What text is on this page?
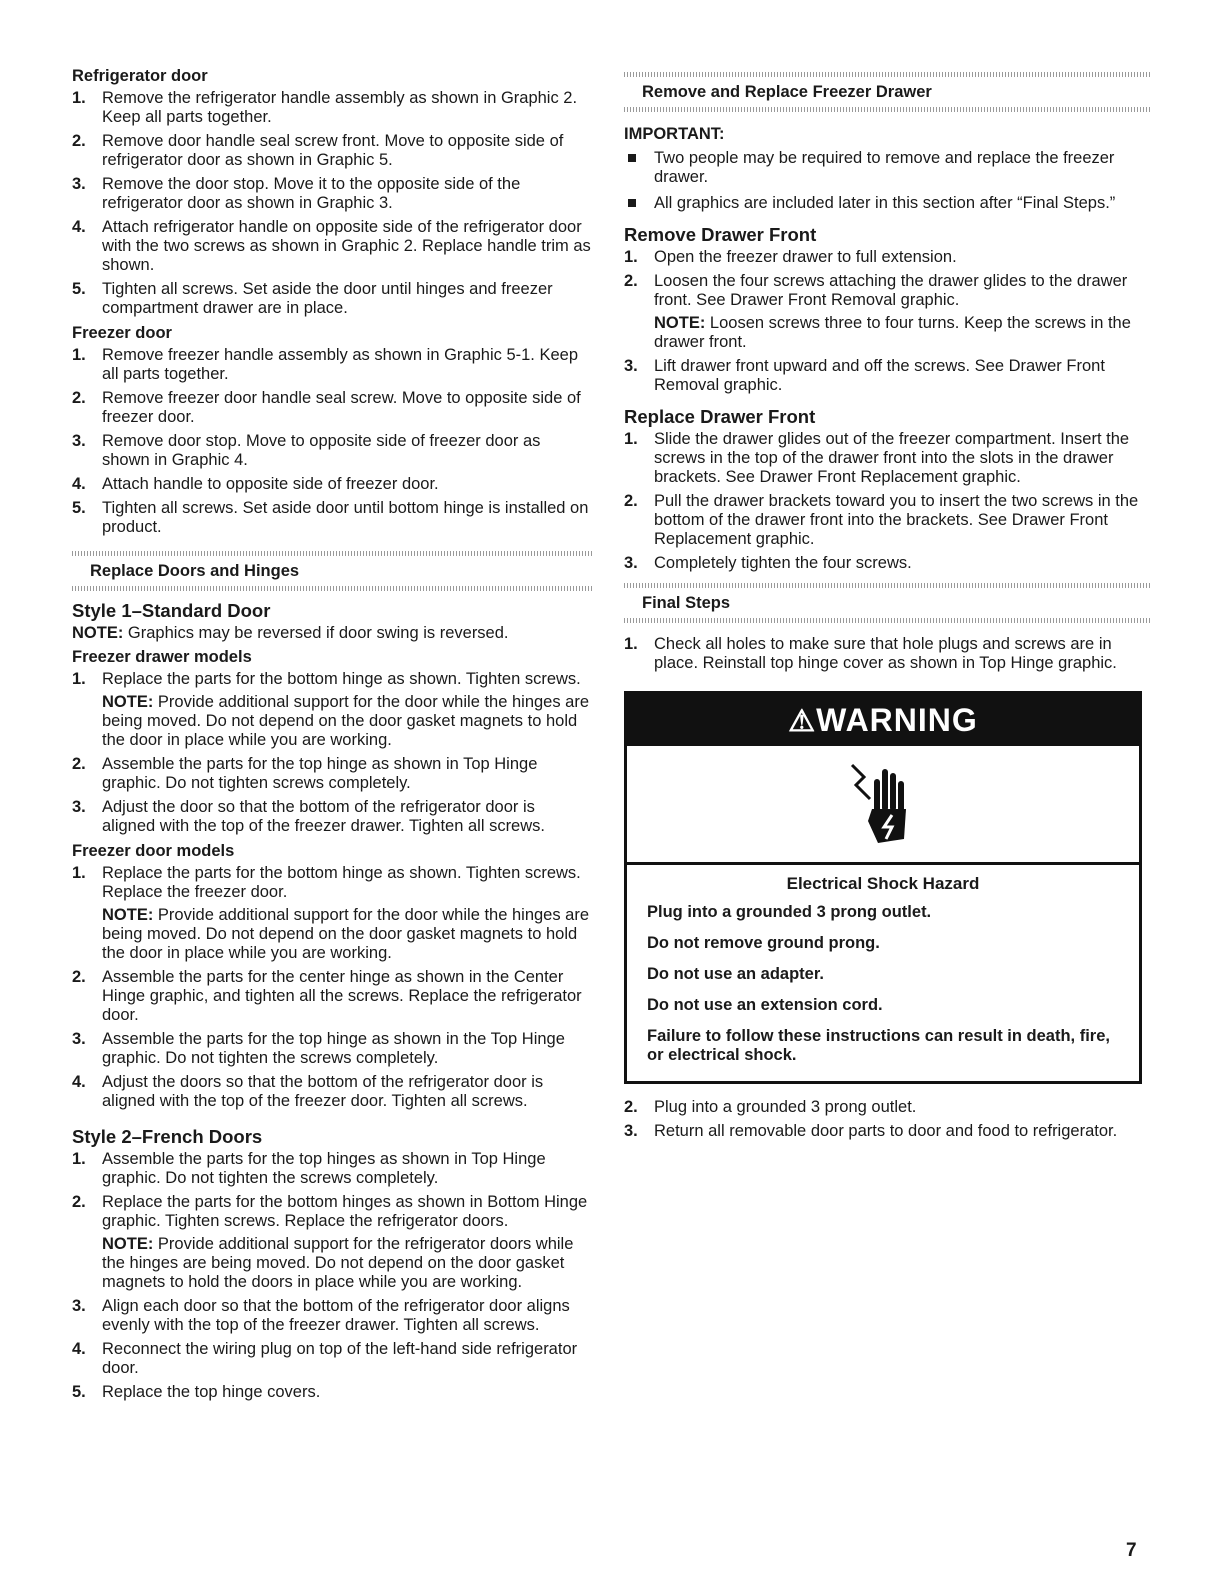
Refrigerator door
1. Remove the refrigerator handle assembly as shown in Graphic 2. Keep all parts together.
2. Remove door handle seal screw front. Move to opposite side of refrigerator door as shown in Graphic 5.
3. Remove the door stop. Move it to the opposite side of the refrigerator door as shown in Graphic 3.
4. Attach refrigerator handle on opposite side of the refrigerator door with the two screws as shown in Graphic 2. Replace handle trim as shown.
5. Tighten all screws. Set aside the door until hinges and freezer compartment drawer are in place.
Freezer door
1. Remove freezer handle assembly as shown in Graphic 5-1. Keep all parts together.
2. Remove freezer door handle seal screw. Move to opposite side of freezer door.
3. Remove door stop. Move to opposite side of freezer door as shown in Graphic 4.
4. Attach handle to opposite side of freezer door.
5. Tighten all screws. Set aside door until bottom hinge is installed on product.
Replace Doors and Hinges
Style 1–Standard Door

NOTE: Graphics may be reversed if door swing is reversed.

Freezer drawer models
1. Replace the parts for the bottom hinge as shown. Tighten screws.
NOTE: Provide additional support for the door while the hinges are being moved. Do not depend on the door gasket magnets to hold the door in place while you are working.
2. Assemble the parts for the top hinge as shown in Top Hinge graphic. Do not tighten screws completely.
3. Adjust the door so that the bottom of the refrigerator door is aligned with the top of the freezer drawer. Tighten all screws.
Freezer door models
1. Replace the parts for the bottom hinge as shown. Tighten screws. Replace the freezer door.
NOTE: Provide additional support for the door while the hinges are being moved. Do not depend on the door gasket magnets to hold the door in place while you are working.
2. Assemble the parts for the center hinge as shown in the Center Hinge graphic, and tighten all the screws. Replace the refrigerator door.
3. Assemble the parts for the top hinge as shown in the Top Hinge graphic. Do not tighten the screws completely.
4. Adjust the doors so that the bottom of the refrigerator door is aligned with the top of the freezer door. Tighten all screws.
Style 2–French Doors
1. Assemble the parts for the top hinges as shown in Top Hinge graphic. Do not tighten the screws completely.
2. Replace the parts for the bottom hinges as shown in Bottom Hinge graphic. Tighten screws. Replace the refrigerator doors.
NOTE: Provide additional support for the refrigerator doors while the hinges are being moved. Do not depend on the door gasket magnets to hold the doors in place while you are working.
3. Align each door so that the bottom of the refrigerator door aligns evenly with the top of the freezer drawer. Tighten all screws.
4. Reconnect the wiring plug on top of the left-hand side refrigerator door.
5. Replace the top hinge covers.
Remove and Replace Freezer Drawer
IMPORTANT:
Two people may be required to remove and replace the freezer drawer.
All graphics are included later in this section after “Final Steps.”
Remove Drawer Front
1. Open the freezer drawer to full extension.
2. Loosen the four screws attaching the drawer glides to the drawer front. See Drawer Front Removal graphic.
NOTE: Loosen screws three to four turns. Keep the screws in the drawer front.
3. Lift drawer front upward and off the screws. See Drawer Front Removal graphic.
Replace Drawer Front
1. Slide the drawer glides out of the freezer compartment. Insert the screws in the top of the drawer front into the slots in the drawer brackets. See Drawer Front Replacement graphic.
2. Pull the drawer brackets toward you to insert the two screws in the bottom of the drawer front into the brackets. See Drawer Front Replacement graphic.
3. Completely tighten the four screws.
Final Steps
1. Check all holes to make sure that hole plugs and screws are in place. Reinstall top hinge cover as shown in Top Hinge graphic.
⚠WARNING
Electrical Shock Hazard
Plug into a grounded 3 prong outlet.
Do not remove ground prong.
Do not use an adapter.
Do not use an extension cord.
Failure to follow these instructions can result in death, fire, or electrical shock.
2. Plug into a grounded 3 prong outlet.
3. Return all removable door parts to door and food to refrigerator.
7
